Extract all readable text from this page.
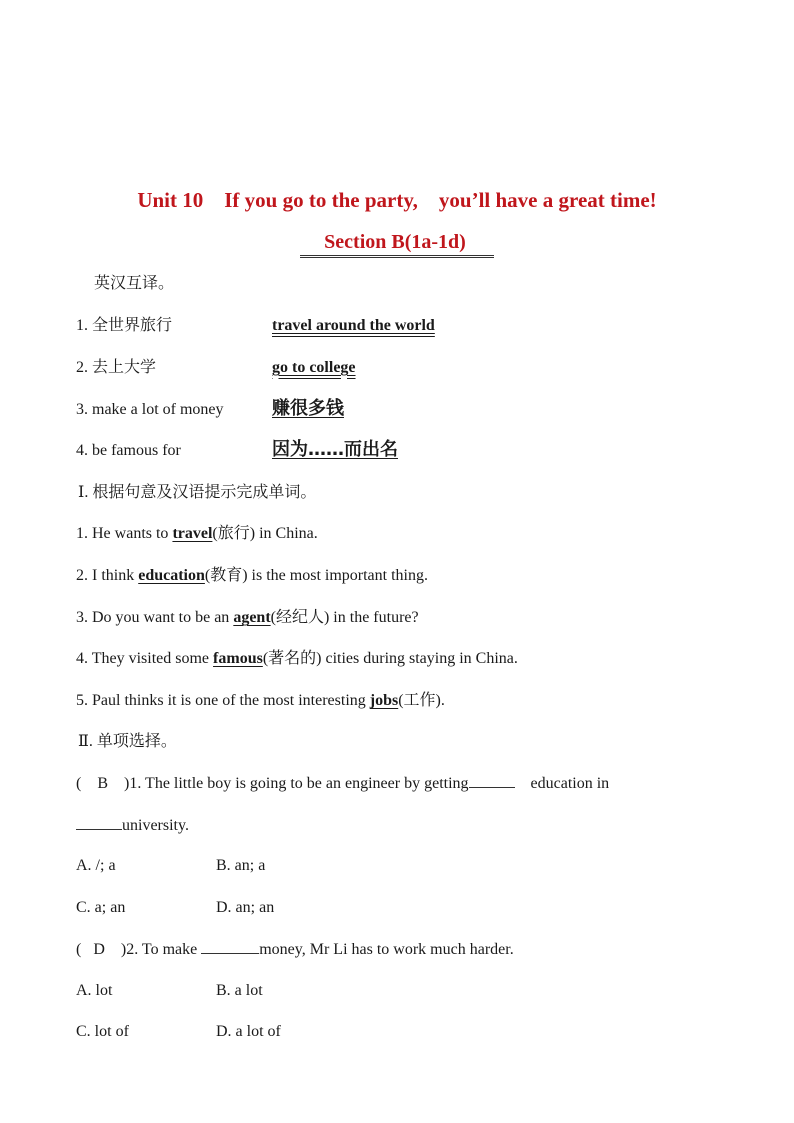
Unit 10    If you go to the party,    you’ll have a great time!
Section B(1a-1d)
英汉互译。
1. 全世界旅行	travel around the world
2. 去上大学	go to college
3. make a lot of money	赚很多钱
4. be famous for	因为……而出名
Ⅰ. 根据句意及汉语提示完成单词。
1. He wants to travel(旅行) in China.
2. I think education(教育) is the most important thing.
3. Do you want to be an agent(经纪人) in the future?
4. They visited some famous(著名的) cities during staying in China.
5. Paul thinks it is one of the most interesting jobs(工作).
Ⅱ. 单项选择。
(    B )1. The little boy is going to be an engineer by getting	education in
university.
A. /; a	B. an; a
C. a; an	D. an; an
(   D )2. To make	money, Mr Li has to work much harder.
A. lot	B. a lot
C. lot of	D. a lot of
